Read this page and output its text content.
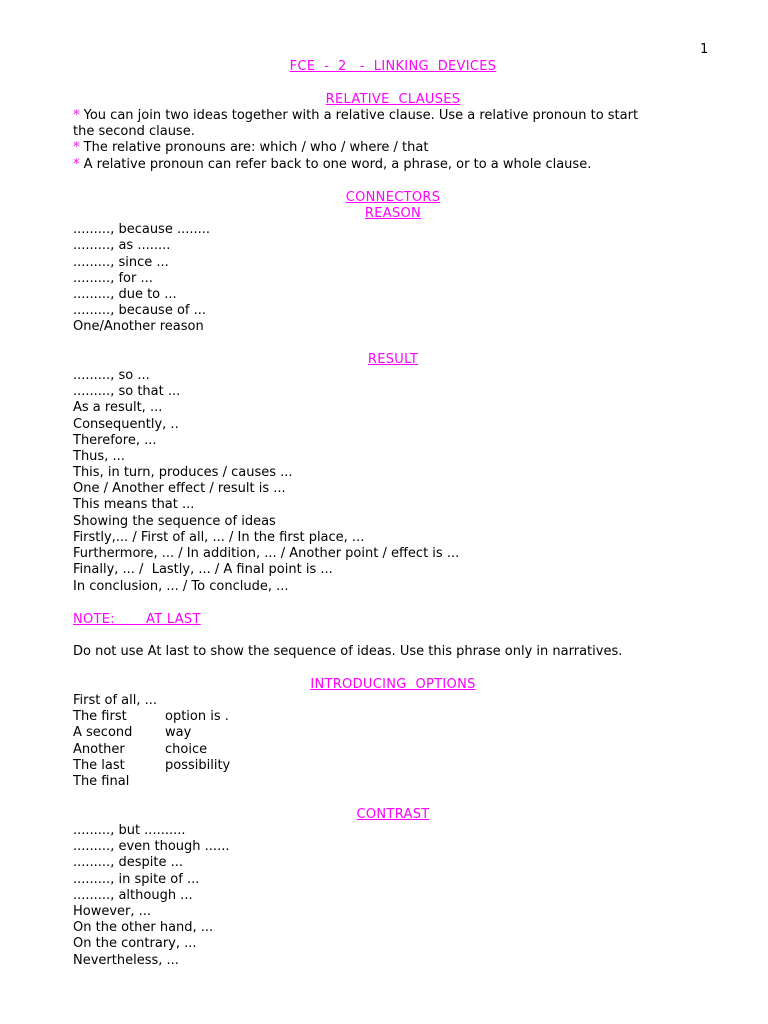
1
FCE  -  2   -  LINKING  DEVICES
RELATIVE  CLAUSES
* You can join two ideas together with a relative clause. Use a relative pronoun to start
the second clause.
* The relative pronouns are: which / who / where / that
* A relative pronoun can refer back to one word, a phrase, or to a whole clause.
CONNECTORS
REASON
........., because ........
........., as ........
........., since ...
........., for ...
........., due to ...
........., because of ...
One/Another reason
RESULT
........., so ...
........., so that ...
As a result, ...
Consequently, ..
Therefore, ...
Thus, ...
This, in turn, produces / causes ...
One / Another effect / result is ...
This means that ...
Showing the sequence of ideas
Firstly,... / First of all, ... / In the first place, ...
Furthermore, ... / In addition, ... / Another point / effect is ...
Finally, ... /  Lastly, ... / A final point is ...
In conclusion, ... / To conclude, ...
NOTE:       AT LAST
Do not use At last to show the sequence of ideas. Use this phrase only in narratives.
INTRODUCING  OPTIONS
First of all, ...
The first	option is .
A second	way
Another	choice
The last	possibility
The final
CONTRAST
........., but ..........
........., even though ......
........., despite ...
........., in spite of ...
........., although ...
However, ...
On the other hand, ...
On the contrary, ...
Nevertheless, ...
